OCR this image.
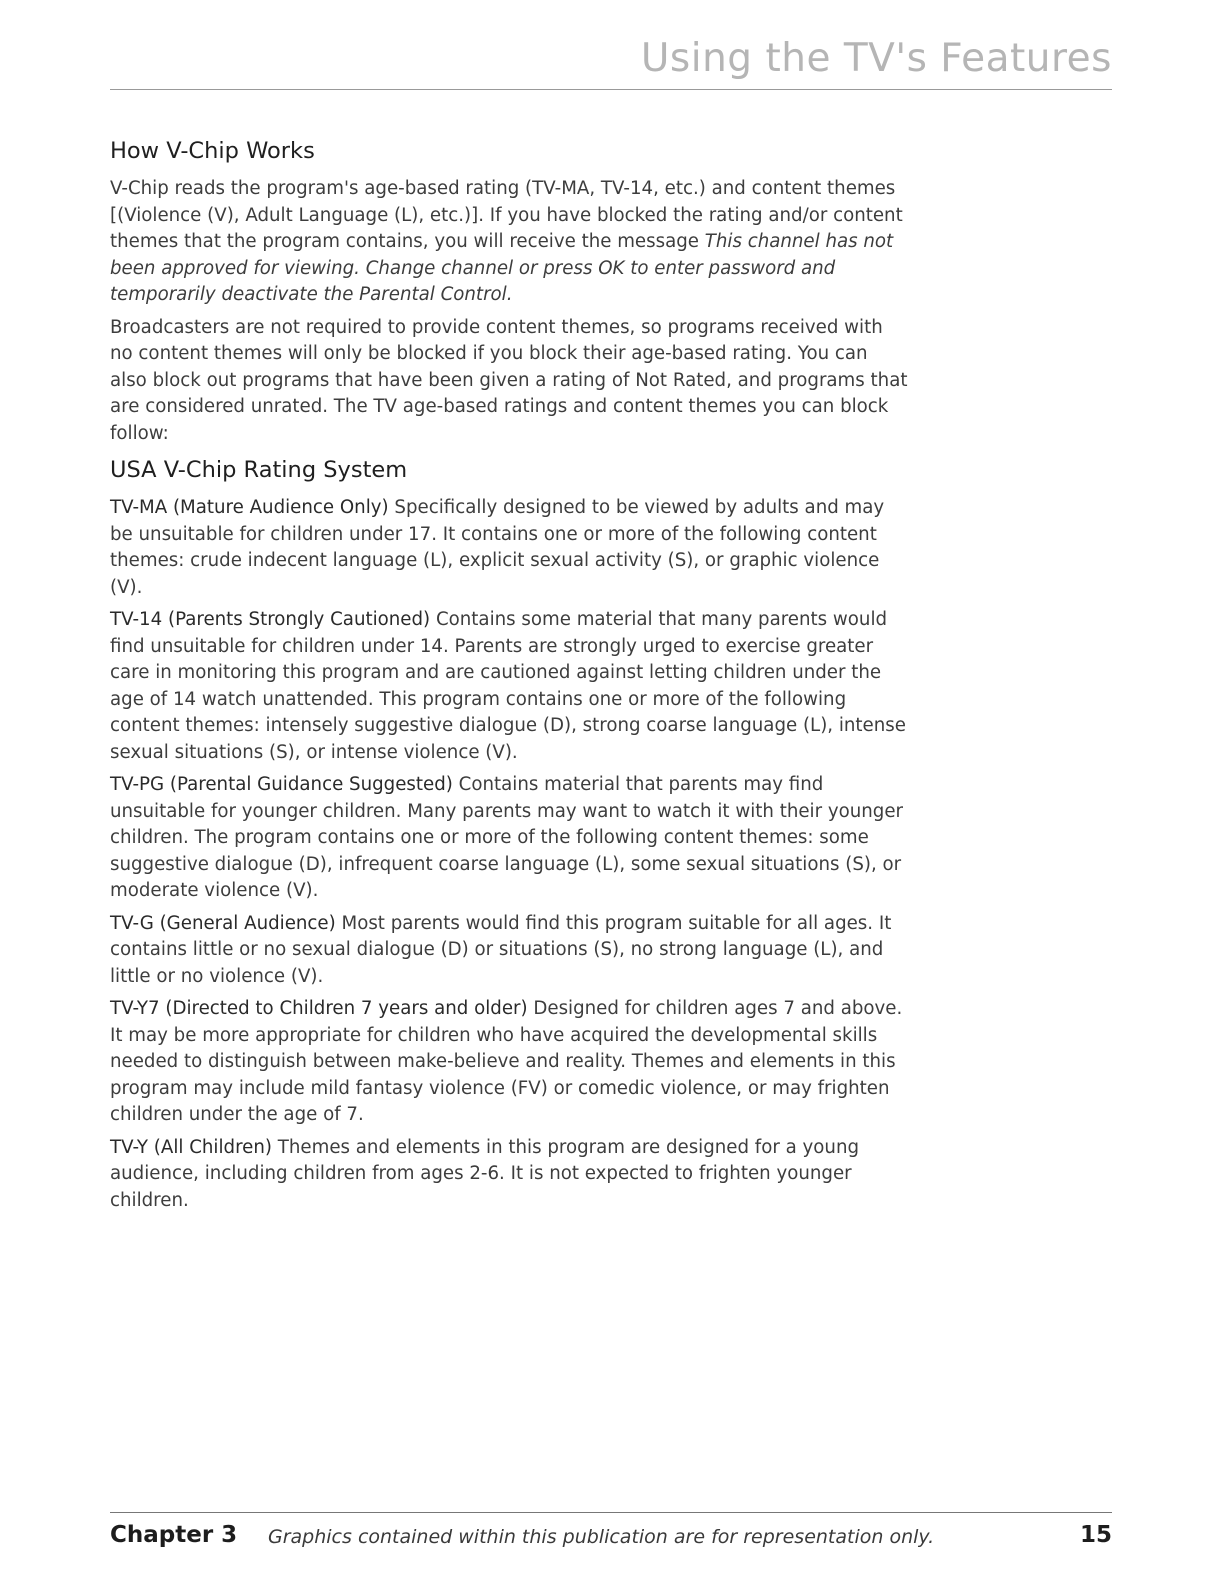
Using the TV's Features
How V-Chip Works

V-Chip reads the program's age-based rating (TV-MA, TV-14, etc.) and content themes [(Violence (V), Adult Language (L), etc.)]. If you have blocked the rating and/or content themes that the program contains, you will receive the message This channel has not been approved for viewing. Change channel or press OK to enter password and temporarily deactivate the Parental Control.

Broadcasters are not required to provide content themes, so programs received with no content themes will only be blocked if you block their age-based rating. You can also block out programs that have been given a rating of Not Rated, and programs that are considered unrated. The TV age-based ratings and content themes you can block follow:

USA V-Chip Rating System

TV-MA (Mature Audience Only) Specifically designed to be viewed by adults and may be unsuitable for children under 17. It contains one or more of the following content themes: crude indecent language (L), explicit sexual activity (S), or graphic violence (V).

TV-14 (Parents Strongly Cautioned) Contains some material that many parents would find unsuitable for children under 14. Parents are strongly urged to exercise greater care in monitoring this program and are cautioned against letting children under the age of 14 watch unattended. This program contains one or more of the following content themes: intensely suggestive dialogue (D), strong coarse language (L), intense sexual situations (S), or intense violence (V).

TV-PG (Parental Guidance Suggested) Contains material that parents may find unsuitable for younger children. Many parents may want to watch it with their younger children. The program contains one or more of the following content themes: some suggestive dialogue (D), infrequent coarse language (L), some sexual situations (S), or moderate violence (V).

TV-G (General Audience) Most parents would find this program suitable for all ages. It contains little or no sexual dialogue (D) or situations (S), no strong language (L), and little or no violence (V).

TV-Y7 (Directed to Children 7 years and older) Designed for children ages 7 and above. It may be more appropriate for children who have acquired the developmental skills needed to distinguish between make-believe and reality. Themes and elements in this program may include mild fantasy violence (FV) or comedic violence, or may frighten children under the age of 7.

TV-Y (All Children) Themes and elements in this program are designed for a young audience, including children from ages 2-6. It is not expected to frighten younger children.

Chapter 3 Graphics contained within this publication are for representation only.	15
